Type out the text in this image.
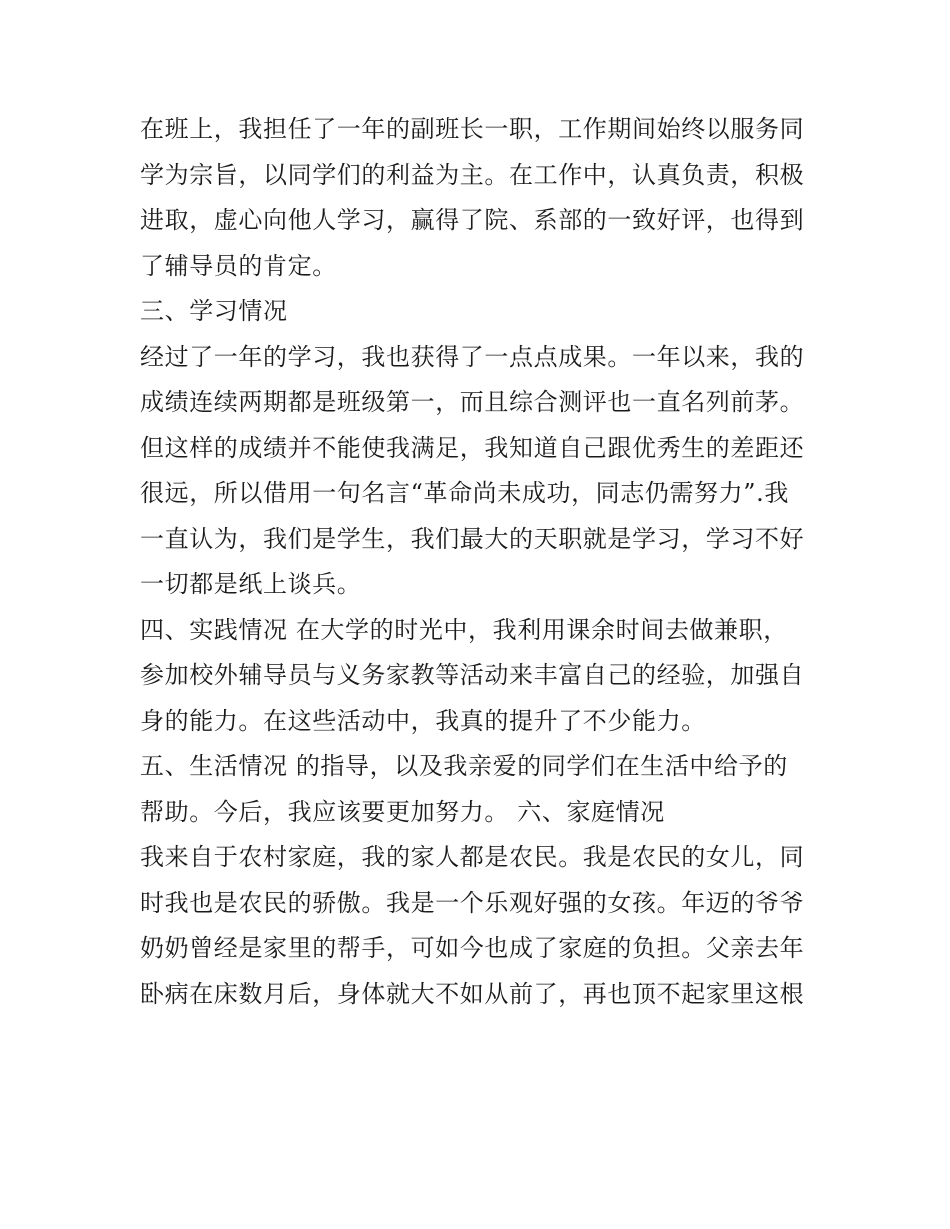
在班上，我担任了一年的副班长一职，工作期间始终以服务同
学为宗旨，以同学们的利益为主。在工作中，认真负责，积极
进取，虚心向他人学习，赢得了院、系部的一致好评，也得到
了辅导员的肯定。
三、学习情况
经过了一年的学习，我也获得了一点点成果。一年以来，我的
成绩连续两期都是班级第一，而且综合测评也一直名列前茅。
但这样的成绩并不能使我满足，我知道自己跟优秀生的差距还
很远，所以借用一句名言“革命尚未成功，同志仍需努力”.我
一直认为，我们是学生，我们最大的天职就是学习，学习不好
一切都是纸上谈兵。
四、实践情况 在大学的时光中，我利用课余时间去做兼职，
参加校外辅导员与义务家教等活动来丰富自己的经验，加强自
身的能力。在这些活动中，我真的提升了不少能力。
五、生活情况 的指导，以及我亲爱的同学们在生活中给予的
帮助。今后，我应该要更加努力。 六、家庭情况
我来自于农村家庭，我的家人都是农民。我是农民的女儿，同
时我也是农民的骄傲。我是一个乐观好强的女孩。年迈的爷爷
奶奶曾经是家里的帮手，可如今也成了家庭的负担。父亲去年
卧病在床数月后，身体就大不如从前了，再也顶不起家里这根
